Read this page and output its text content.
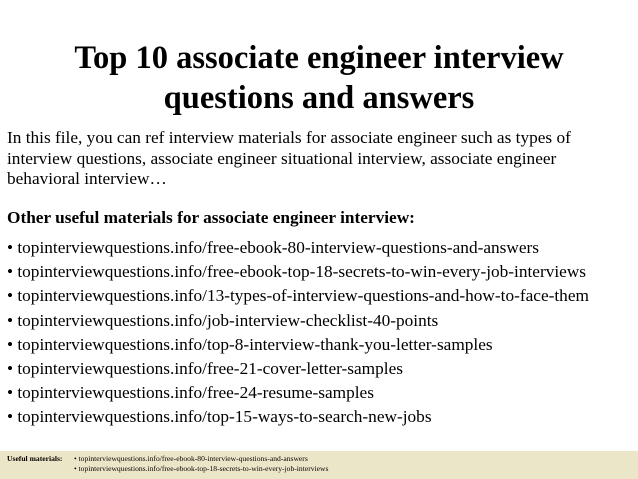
Top 10 associate engineer interview questions and answers

In this file, you can ref interview materials for associate engineer such as types of interview questions, associate engineer situational interview, associate engineer behavioral interview…

Other useful materials for associate engineer interview:

• topinterviewquestions.info/free-ebook-80-interview-questions-and-answers
• topinterviewquestions.info/free-ebook-top-18-secrets-to-win-every-job-interviews
• topinterviewquestions.info/13-types-of-interview-questions-and-how-to-face-them
• topinterviewquestions.info/job-interview-checklist-40-points
• topinterviewquestions.info/top-8-interview-thank-you-letter-samples
• topinterviewquestions.info/free-21-cover-letter-samples
• topinterviewquestions.info/free-24-resume-samples
• topinterviewquestions.info/top-15-ways-to-search-new-jobs
Useful materials: • topinterviewquestions.info/free-ebook-80-interview-questions-and-answers
• topinterviewquestions.info/free-ebook-top-18-secrets-to-win-every-job-interviews
